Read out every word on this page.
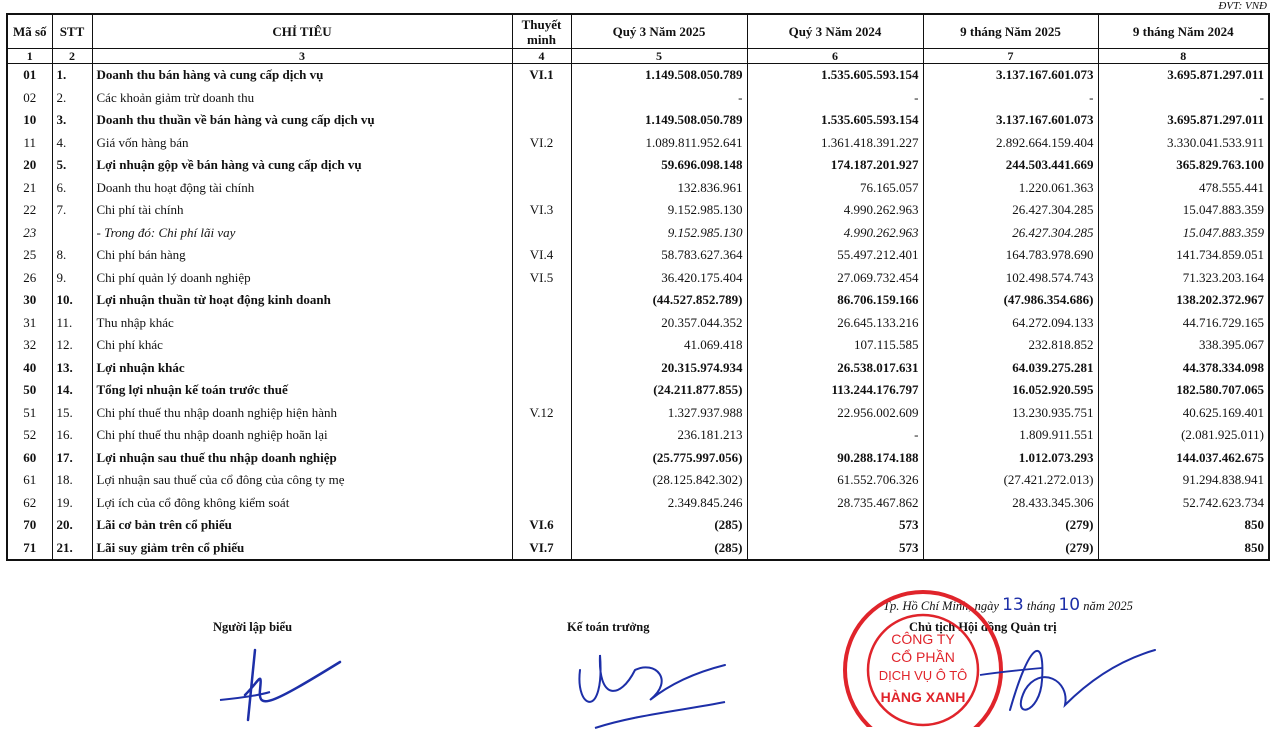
ĐVT: VNĐ
Mã số	STT	CHỈ TIÊU	Thuyết minh	Quý 3 Năm 2025	Quý 3 Năm 2024	9 tháng Năm 2025	9 tháng Năm 2024
1	2	3	4	5	6	7	8
01	1.	Doanh thu bán hàng và cung cấp dịch vụ	VI.1	1.149.508.050.789	1.535.605.593.154	3.137.167.601.073	3.695.871.297.011
02	2.	Các khoản giảm trừ doanh thu		-	-	-	-
10	3.	Doanh thu thuần về bán hàng và cung cấp dịch vụ		1.149.508.050.789	1.535.605.593.154	3.137.167.601.073	3.695.871.297.011
11	4.	Giá vốn hàng bán	VI.2	1.089.811.952.641	1.361.418.391.227	2.892.664.159.404	3.330.041.533.911
20	5.	Lợi nhuận gộp về bán hàng và cung cấp dịch vụ		59.696.098.148	174.187.201.927	244.503.441.669	365.829.763.100
21	6.	Doanh thu hoạt động tài chính		132.836.961	76.165.057	1.220.061.363	478.555.441
22	7.	Chi phí tài chính	VI.3	9.152.985.130	4.990.262.963	26.427.304.285	15.047.883.359
23		- Trong đó: Chi phí lãi vay		9.152.985.130	4.990.262.963	26.427.304.285	15.047.883.359
25	8.	Chi phí bán hàng	VI.4	58.783.627.364	55.497.212.401	164.783.978.690	141.734.859.051
26	9.	Chi phí quản lý doanh nghiệp	VI.5	36.420.175.404	27.069.732.454	102.498.574.743	71.323.203.164
30	10.	Lợi nhuận thuần từ hoạt động kinh doanh		(44.527.852.789)	86.706.159.166	(47.986.354.686)	138.202.372.967
31	11.	Thu nhập khác		20.357.044.352	26.645.133.216	64.272.094.133	44.716.729.165
32	12.	Chi phí khác		41.069.418	107.115.585	232.818.852	338.395.067
40	13.	Lợi nhuận khác		20.315.974.934	26.538.017.631	64.039.275.281	44.378.334.098
50	14.	Tổng lợi nhuận kế toán trước thuế		(24.211.877.855)	113.244.176.797	16.052.920.595	182.580.707.065
51	15.	Chi phí thuế thu nhập doanh nghiệp hiện hành	V.12	1.327.937.988	22.956.002.609	13.230.935.751	40.625.169.401
52	16.	Chi phí thuế thu nhập doanh nghiệp hoãn lại		236.181.213	-	1.809.911.551	(2.081.925.011)
60	17.	Lợi nhuận sau thuế thu nhập doanh nghiệp		(25.775.997.056)	90.288.174.188	1.012.073.293	144.037.462.675
61	18.	Lợi nhuận sau thuế của cổ đông của công ty mẹ		(28.125.842.302)	61.552.706.326	(27.421.272.013)	91.294.838.941
62	19.	Lợi ích của cổ đông không kiểm soát		2.349.845.246	28.735.467.862	28.433.345.306	52.742.623.734
70	20.	Lãi cơ bản trên cổ phiếu	VI.6	(285)	573	(279)	850
71	21.	Lãi suy giảm trên cổ phiếu	VI.7	(285)	573	(279)	850
Người lập biểu	Kế toán trưởng	Chủ tịch Hội đồng Quản trị
Tp. Hồ Chí Minh, ngày 13 tháng 10 năm 2025
CÔNG TY
CỔ PHẦN
DỊCH VỤ Ô TÔ
HÀNG XANH
